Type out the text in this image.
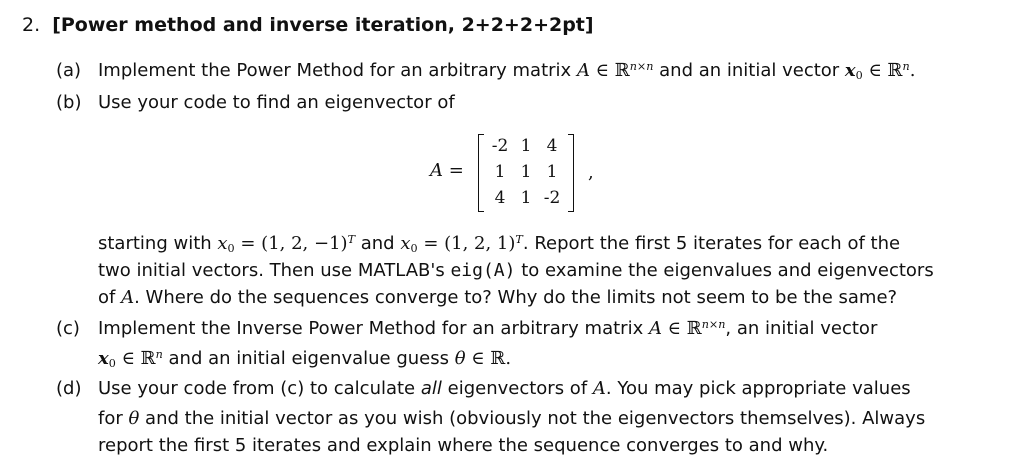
2. [Power method and inverse iteration, 2+2+2+2pt]
(a) Implement the Power Method for an arbitrary matrix A ∈ ℝ$^{n\times n}$ and an initial vector $x_0$ ∈ ℝ$^n$.
(b) Use your code to find an eigenvector of
A =
-2 1 4
1 1 1
4 1 -2
,
starting with $x_0 = (1$, 2, −1)$^T$ and $x_0 = (1$, 2, 1)$^T$. Report the first 5 iterates for each of the
two initial vectors. Then use MATLAB's eig(A) to examine the eigenvalues and eigenvectors
of A. Where do the sequences converge to? Why do the limits not seem to be the same?
(c) Implement the Inverse Power Method for an arbitrary matrix A ∈ ℝ$^{n\times n}$, an initial vector
$x_0$ ∈ ℝ$^n$ and an initial eigenvalue guess θ ∈ ℝ.
(d) Use your code from (c) to calculate all eigenvectors of A. You may pick appropriate values
for θ and the initial vector as you wish (obviously not the eigenvectors themselves). Always
report the first 5 iterates and explain where the sequence converges to and why.
